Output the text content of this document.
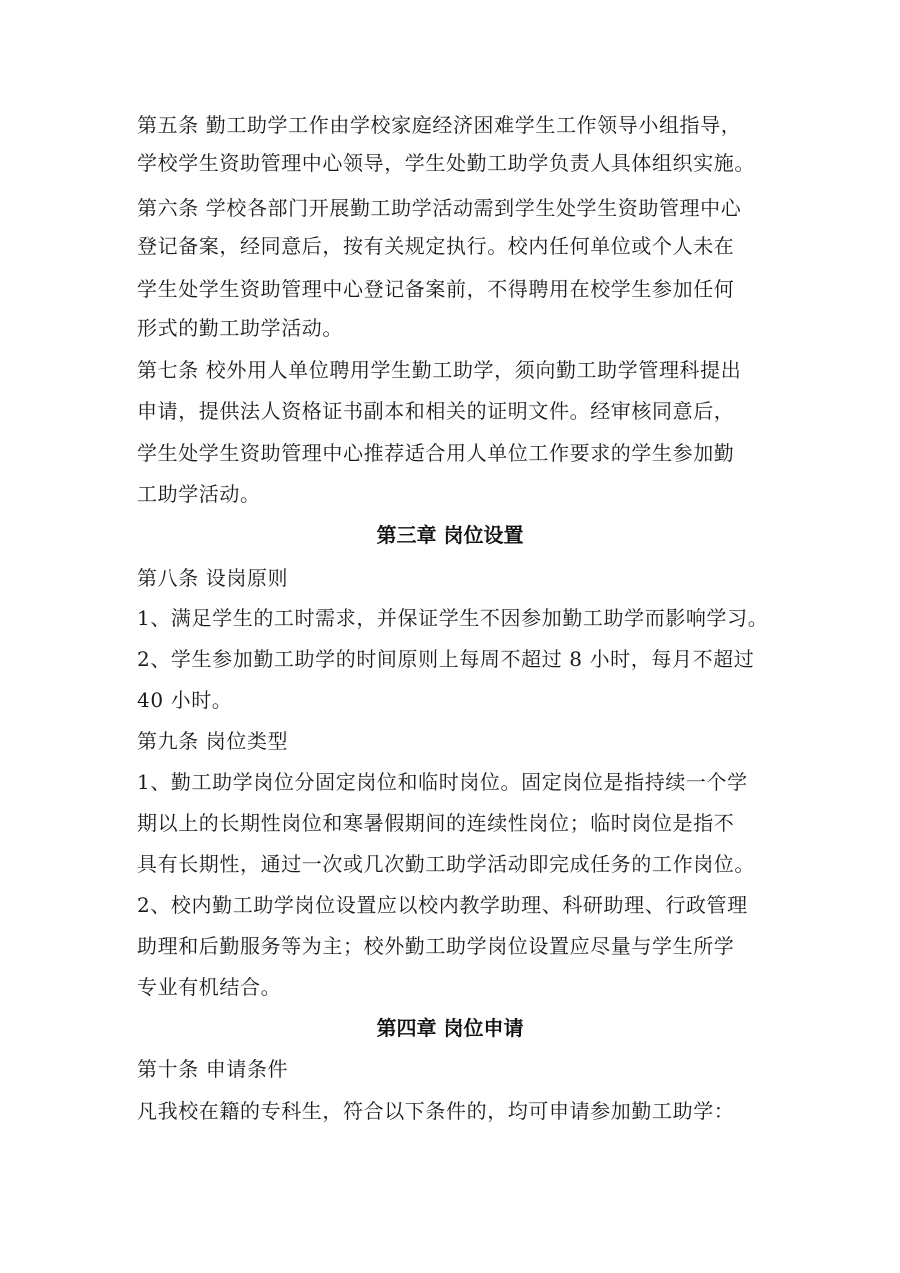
第五条 勤工助学工作由学校家庭经济困难学生工作领导小组指导，
学校学生资助管理中心领导，学生处勤工助学负责人具体组织实施。
第六条 学校各部门开展勤工助学活动需到学生处学生资助管理中心
登记备案，经同意后，按有关规定执行。校内任何单位或个人未在
学生处学生资助管理中心登记备案前，不得聘用在校学生参加任何
形式的勤工助学活动。
第七条 校外用人单位聘用学生勤工助学，须向勤工助学管理科提出
申请，提供法人资格证书副本和相关的证明文件。经审核同意后，
学生处学生资助管理中心推荐适合用人单位工作要求的学生参加勤
工助学活动。
第三章 岗位设置
第八条 设岗原则
1、满足学生的工时需求，并保证学生不因参加勤工助学而影响学习。
2、学生参加勤工助学的时间原则上每周不超过 8 小时，每月不超过
40 小时。
第九条 岗位类型
1、勤工助学岗位分固定岗位和临时岗位。固定岗位是指持续一个学
期以上的长期性岗位和寒暑假期间的连续性岗位；临时岗位是指不
具有长期性，通过一次或几次勤工助学活动即完成任务的工作岗位。
2、校内勤工助学岗位设置应以校内教学助理、科研助理、行政管理
助理和后勤服务等为主；校外勤工助学岗位设置应尽量与学生所学
专业有机结合。
第四章 岗位申请
第十条 申请条件
凡我校在籍的专科生，符合以下条件的，均可申请参加勤工助学：
